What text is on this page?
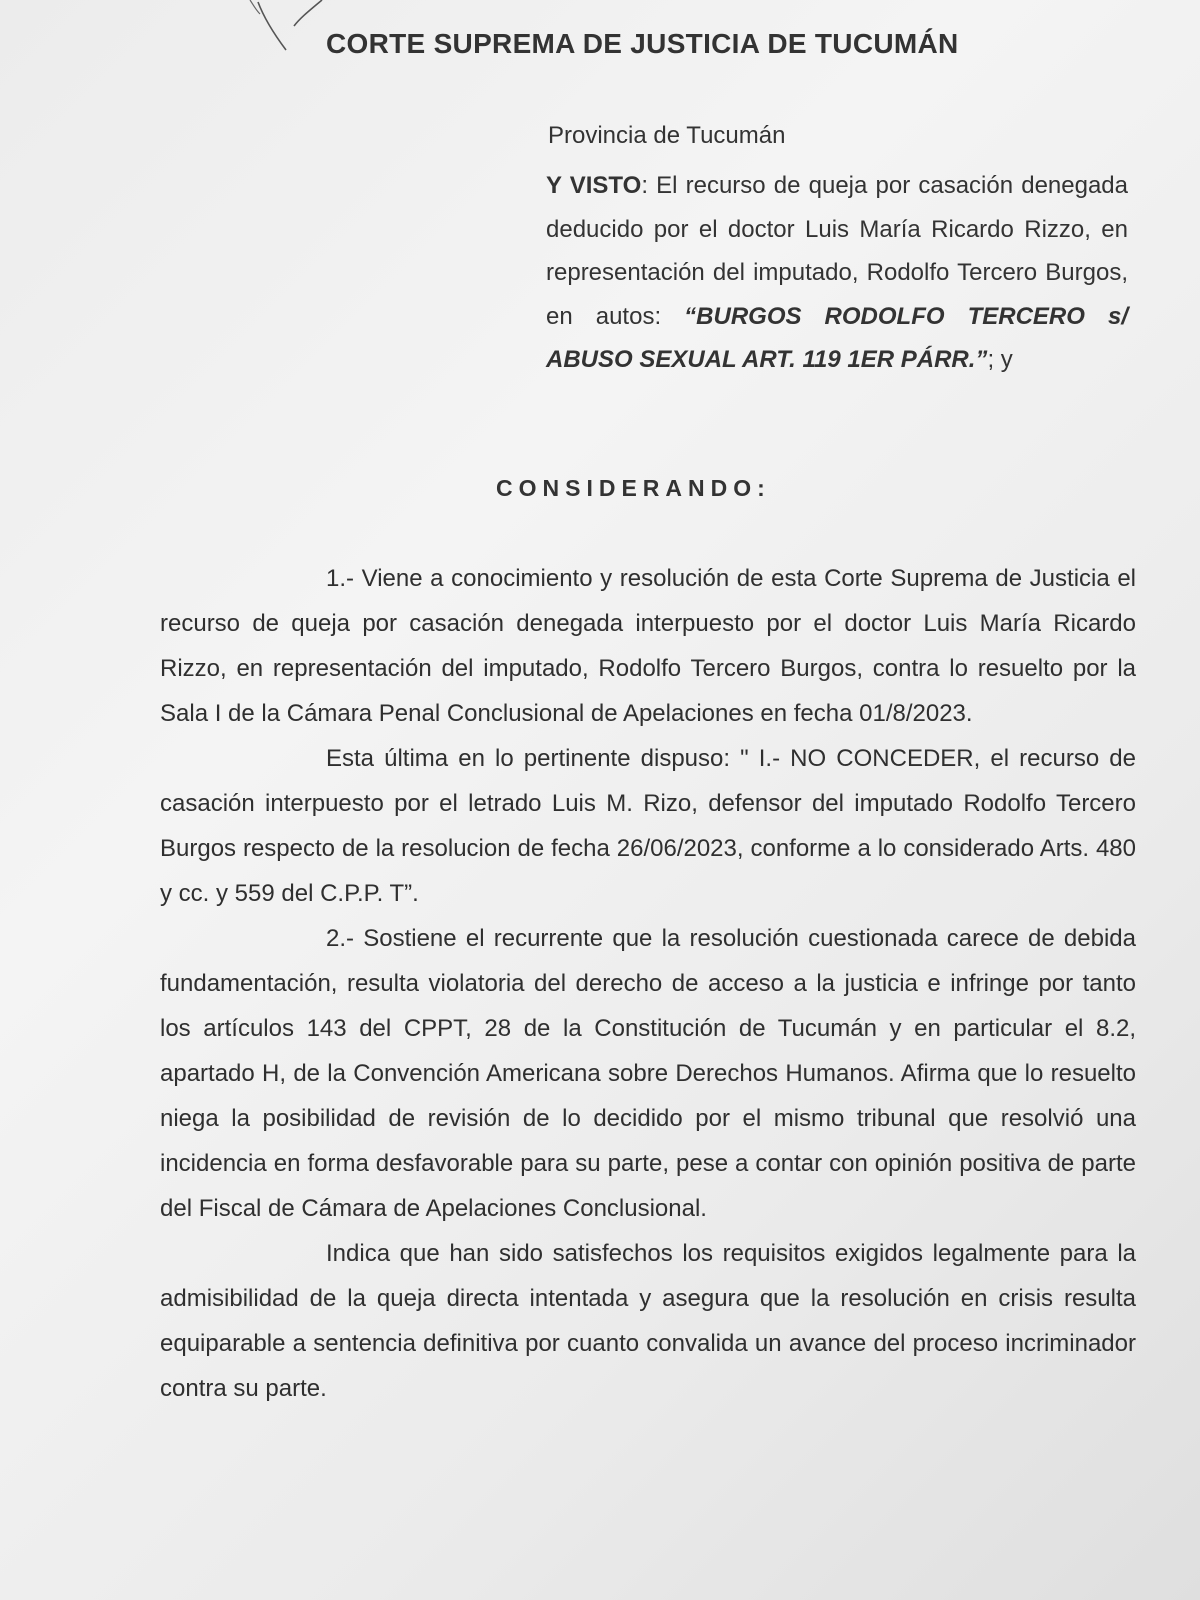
CORTE SUPREMA DE JUSTICIA DE TUCUMÁN
Provincia de Tucumán
Y VISTO: El recurso de queja por casación denegada deducido por el doctor Luis María Ricardo Rizzo, en representación del imputado, Rodolfo Tercero Burgos, en autos: “BURGOS RODOLFO TERCERO s/ ABUSO SEXUAL ART. 119 1ER PÁRR.”; y
CONSIDERANDO:

1.- Viene a conocimiento y resolución de esta Corte Suprema de Justicia el recurso de queja por casación denegada interpuesto por el doctor Luis María Ricardo Rizzo, en representación del imputado, Rodolfo Tercero Burgos, contra lo resuelto por la Sala I de la Cámara Penal Conclusional de Apelaciones en fecha 01/8/2023.

Esta última en lo pertinente dispuso: " I.- NO CONCEDER, el recurso de casación interpuesto por el letrado Luis M. Rizo, defensor del imputado Rodolfo Tercero Burgos respecto de la resolucion de fecha 26/06/2023, conforme a lo considerado Arts. 480 y cc. y 559 del C.P.P. T”.

2.- Sostiene el recurrente que la resolución cuestionada carece de debida fundamentación, resulta violatoria del derecho de acceso a la justicia e infringe por tanto los artículos 143 del CPPT, 28 de la Constitución de Tucumán y en particular el 8.2, apartado H, de la Convención Americana sobre Derechos Humanos. Afirma que lo resuelto niega la posibilidad de revisión de lo decidido por el mismo tribunal que resolvió una incidencia en forma desfavorable para su parte, pese a contar con opinión positiva de parte del Fiscal de Cámara de Apelaciones Conclusional.

Indica que han sido satisfechos los requisitos exigidos legalmente para la admisibilidad de la queja directa intentada y asegura que la resolución en crisis resulta equiparable a sentencia definitiva por cuanto convalida un avance del proceso incriminador contra su parte.
